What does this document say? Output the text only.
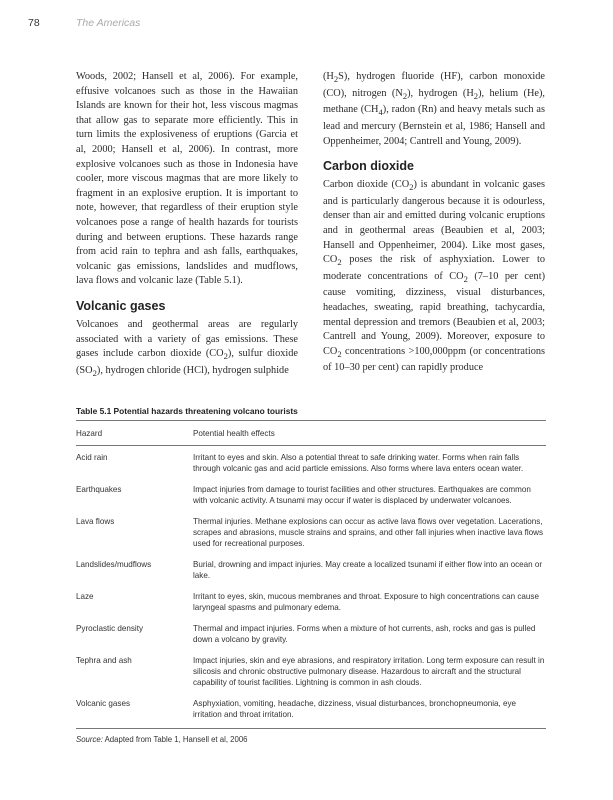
78	The Americas

Woods, 2002; Hansell et al, 2006). For example, effusive volcanoes such as those in the Hawaiian Islands are known for their hot, less viscous magmas that allow gas to separate more efficiently. This in turn limits the explosiveness of eruptions (Garcia et al, 2000; Hansell et al, 2006). In contrast, more explosive volcanoes such as those in Indonesia have cooler, more viscous magmas that are more likely to fragment in an explosive eruption. It is important to note, however, that regardless of their eruption style volcanoes pose a range of health hazards for tourists during and between eruptions. These hazards range from acid rain to tephra and ash falls, earthquakes, volcanic gas emissions, landslides and mudflows, lava flows and volcanic laze (Table 5.1).

Volcanic gases

Volcanoes and geothermal areas are regularly associated with a variety of gas emissions. These gases include carbon dioxide $(CO_2)$, sulfur dioxide $(SO_2)$, hydrogen chloride (HCl), hydrogen sulphide

$(H_2S)$, hydrogen fluoride (HF), carbon monoxide (CO), nitrogen $(N_2)$, hydrogen $(H_2)$, helium (He), methane $(CH_4)$, radon (Rn) and heavy metals such as lead and mercury (Bernstein et al, 1986; Hansell and Oppenheimer, 2004; Cantrell and Young, 2009).

Carbon dioxide

Carbon dioxide $(CO_2)$ is abundant in volcanic gases and is particularly dangerous because it is odourless, denser than air and emitted during volcanic eruptions and in geothermal areas (Beaubien et al, 2003; Hansell and Oppenheimer, 2004). Like most gases, $CO_2$ poses the risk of asphyxiation. Lower to moderate concentrations of $CO_2$ (7–10 per cent) cause vomiting, dizziness, visual disturbances, headaches, sweating, rapid breathing, tachycardia, mental depression and tremors (Beaubien et al, 2003; Cantrell and Young, 2009). Moreover, exposure to $CO_2$ concentrations >100,000ppm (or concentrations of 10–30 per cent) can rapidly produce

Table 5.1 Potential hazards threatening volcano tourists
Hazard	Potential health effects
Acid rain	Irritant to eyes and skin. Also a potential threat to safe drinking water. Forms when rain falls through volcanic gas and acid particle emissions. Also forms where lava enters ocean water.
Earthquakes	Impact injuries from damage to tourist facilities and other structures. Earthquakes are common with volcanic activity. A tsunami may occur if water is displaced by underwater volcanoes.
Lava flows	Thermal injuries. Methane explosions can occur as active lava flows over vegetation. Lacerations, scrapes and abrasions, muscle strains and sprains, and other fall injuries when inactive lava flows used for recreational purposes.
Landslides/mudflows	Burial, drowning and impact injuries. May create a localized tsunami if either flow into an ocean or lake.
Laze	Irritant to eyes, skin, mucous membranes and throat. Exposure to high concentrations can cause laryngeal spasms and pulmonary edema.
Pyroclastic density	Thermal and impact injuries. Forms when a mixture of hot currents, ash, rocks and gas is pulled down a volcano by gravity.
Tephra and ash	Impact injuries, skin and eye abrasions, and respiratory irritation. Long term exposure can result in silicosis and chronic obstructive pulmonary disease. Hazardous to aircraft and the structural capability of tourist facilities. Lightning is common in ash clouds.
Volcanic gases	Asphyxiation, vomiting, headache, dizziness, visual disturbances, bronchopneumonia, eye irritation and throat irritation.
Source: Adapted from Table 1, Hansell et al, 2006
